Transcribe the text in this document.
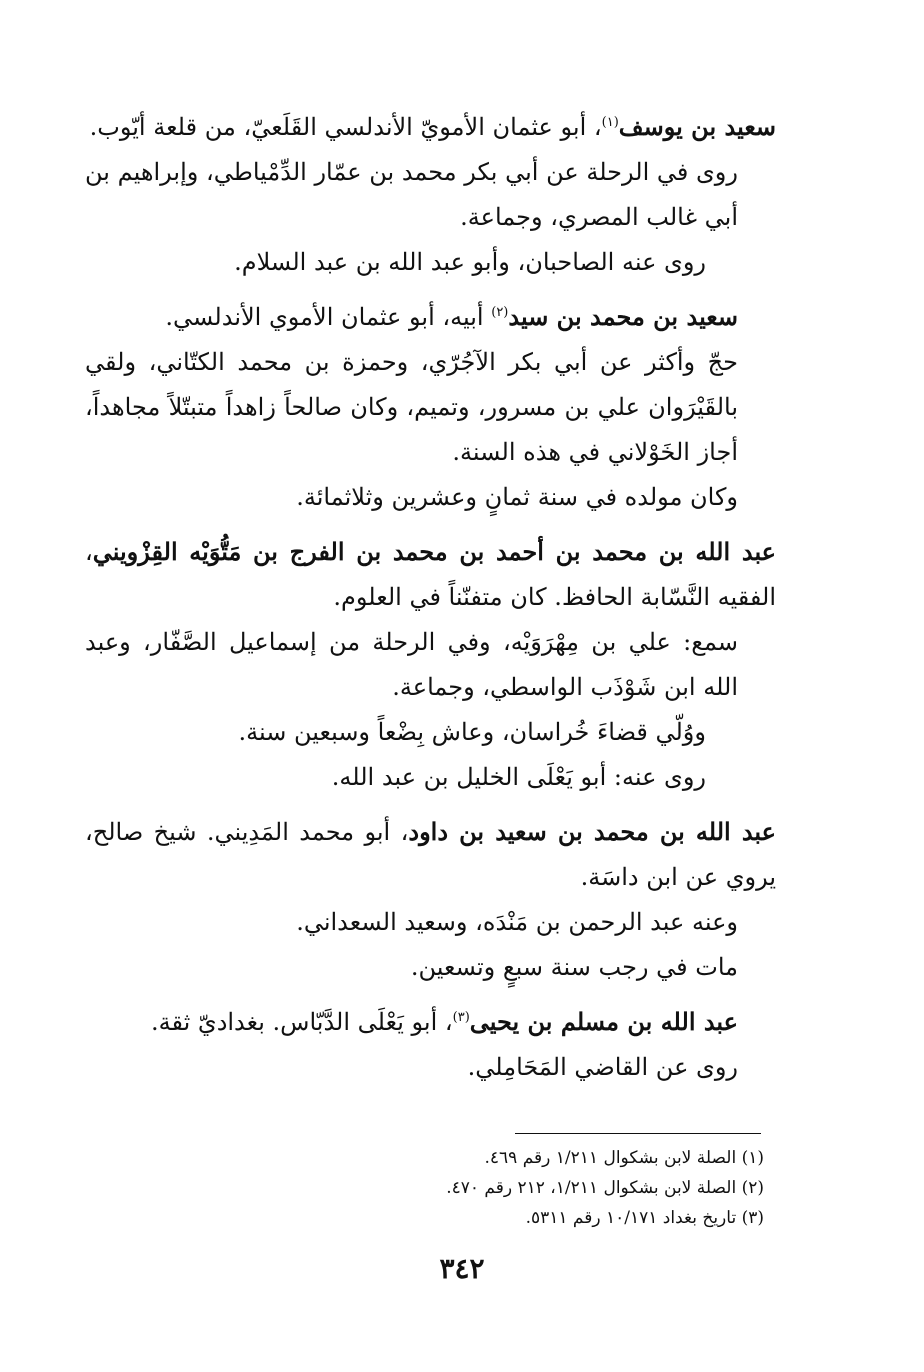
سعيد بن يوسف$^{(١)}$، أبو عثمان الأمويّ الأندلسي القَلَعيّ، من قلعة أيّوب.

روى في الرحلة عن أبي بكر محمد بن عمّار الدِّمْياطي، وإبراهيم بن أبي غالب المصري، وجماعة.

روى عنه الصاحبان، وأبو عبد الله بن عبد السلام.

سعيد بن محمد بن سيد$^{(٢)}$ أبيه، أبو عثمان الأموي الأندلسي.

حجّ وأكثر عن أبي بكر الآجُرّي، وحمزة بن محمد الكتّاني، ولقي بالقَيْرَوان علي بن مسرور، وتميم، وكان صالحاً زاهداً متبتّلاً مجاهداً، أجاز الخَوْلاني في هذه السنة.

وكان مولده في سنة ثمانٍ وعشرين وثلاثمائة.

عبد الله بن محمد بن أحمد بن محمد بن الفرج بن مَتُّوَيْه القِزْويني، الفقيه النَّسّابة الحافظ. كان متفنّناً في العلوم.

سمع: علي بن مِهْرَوَيْه، وفي الرحلة من إسماعيل الصَّفّار، وعبد الله ابن شَوْذَب الواسطي، وجماعة.

ووُلّي قضاءَ خُراسان، وعاش بِضْعاً وسبعين سنة.

روى عنه: أبو يَعْلَى الخليل بن عبد الله.

عبد الله بن محمد بن سعيد بن داود، أبو محمد المَدِيني. شيخ صالح، يروي عن ابن داسَة.

وعنه عبد الرحمن بن مَنْدَه، وسعيد السعداني.

مات في رجب سنة سبعٍ وتسعين.

عبد الله بن مسلم بن يحيى$^{(٣)}$، أبو يَعْلَى الدَّبّاس. بغداديّ ثقة.

روى عن القاضي المَحَامِلي.

(١) الصلة لابن بشكوال ١/٢١١ رقم ٤٦٩.

(٢) الصلة لابن بشكوال ١/٢١١، ٢١٢ رقم ٤٧٠.

(٣) تاريخ بغداد ١٠/١٧١ رقم ٥٣١١.

٣٤٢
